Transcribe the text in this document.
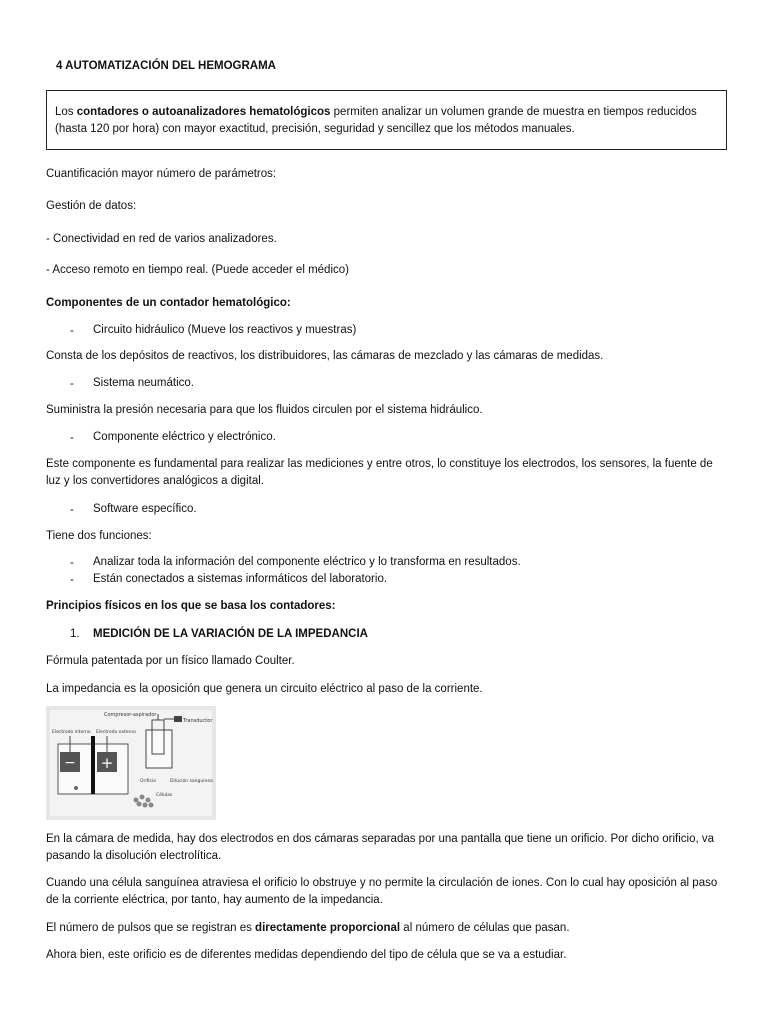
4 AUTOMATIZACIÓN DEL HEMOGRAMA
Los contadores o autoanalizadores hematológicos permiten analizar un volumen grande de muestra en tiempos reducidos (hasta 120 por hora) con mayor exactitud, precisión, seguridad y sencillez que los métodos manuales.
Cuantificación mayor número de parámetros:
Gestión de datos:
- Conectividad en red de varios analizadores.
- Acceso remoto en tiempo real. (Puede acceder el médico)
Componentes de un contador hematológico:
- Circuito hidráulico (Mueve los reactivos y muestras)
Consta de los depósitos de reactivos, los distribuidores, las cámaras de mezclado y las cámaras de medidas.
- Sistema neumático.
Suministra la presión necesaria para que los fluidos circulen por el sistema hidráulico.
- Componente eléctrico y electrónico.
Este componente es fundamental para realizar las mediciones y entre otros, lo constituye los electrodos, los sensores, la fuente de luz y los convertidores analógicos a digital.
- Software específico.
Tiene dos funciones:
- Analizar toda la información del componente eléctrico y lo transforma en resultados.
- Están conectados a sistemas informáticos del laboratorio.
Principios físicos en los que se basa los contadores:
1. MEDICIÓN DE LA VARIACIÓN DE LA IMPEDANCIA
Fórmula patentada por un físico llamado Coulter.
La impedancia es la oposición que genera un circuito eléctrico al paso de la corriente.
− +
Compresor-aspirador
Transductor
Electrodo interno Electrodo externo
Orificio	Dilución sanguínea
Células
En la cámara de medida, hay dos electrodos en dos cámaras separadas por una pantalla que tiene un orificio. Por dicho orificio, va pasando la disolución electrolítica.
Cuando una célula sanguínea atraviesa el orificio lo obstruye y no permite la circulación de iones. Con lo cual hay oposición al paso de la corriente eléctrica, por tanto, hay aumento de la impedancia.
El número de pulsos que se registran es directamente proporcional al número de células que pasan.
Ahora bien, este orificio es de diferentes medidas dependiendo del tipo de célula que se va a estudiar.
